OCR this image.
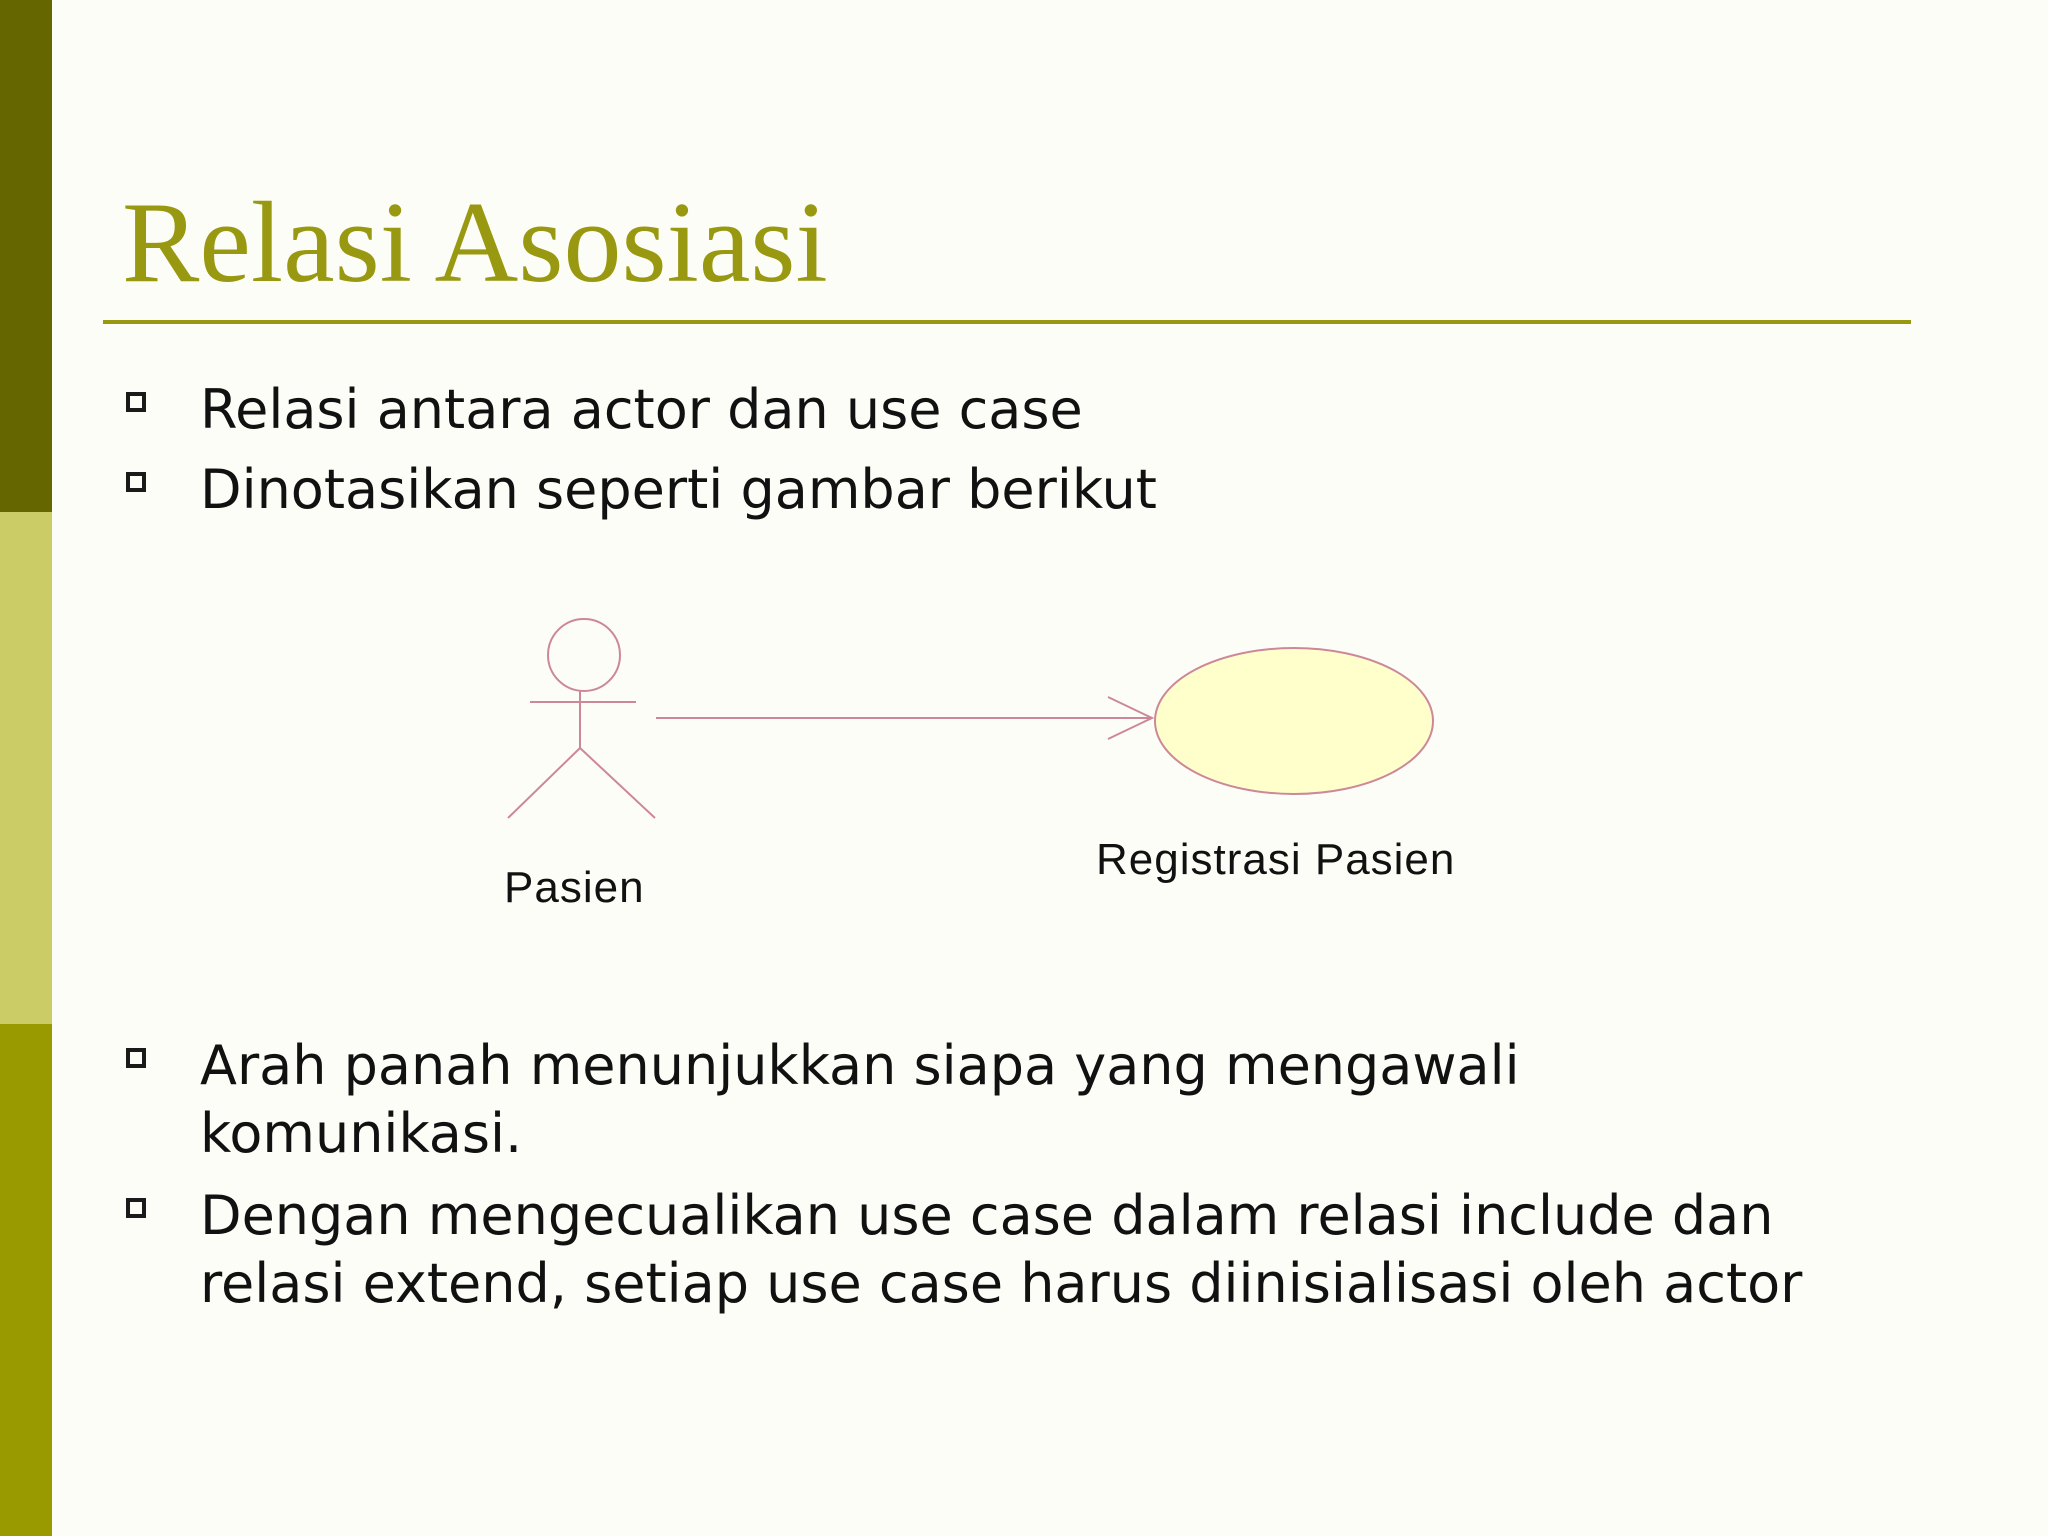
Relasi Asosiasi
Relasi antara actor dan use case
Dinotasikan seperti gambar berikut
Pasien
Registrasi Pasien
Arah panah menunjukkan siapa yang mengawali
komunikasi.
Dengan mengecualikan use case dalam relasi include dan
relasi extend, setiap use case harus diinisialisasi oleh actor
